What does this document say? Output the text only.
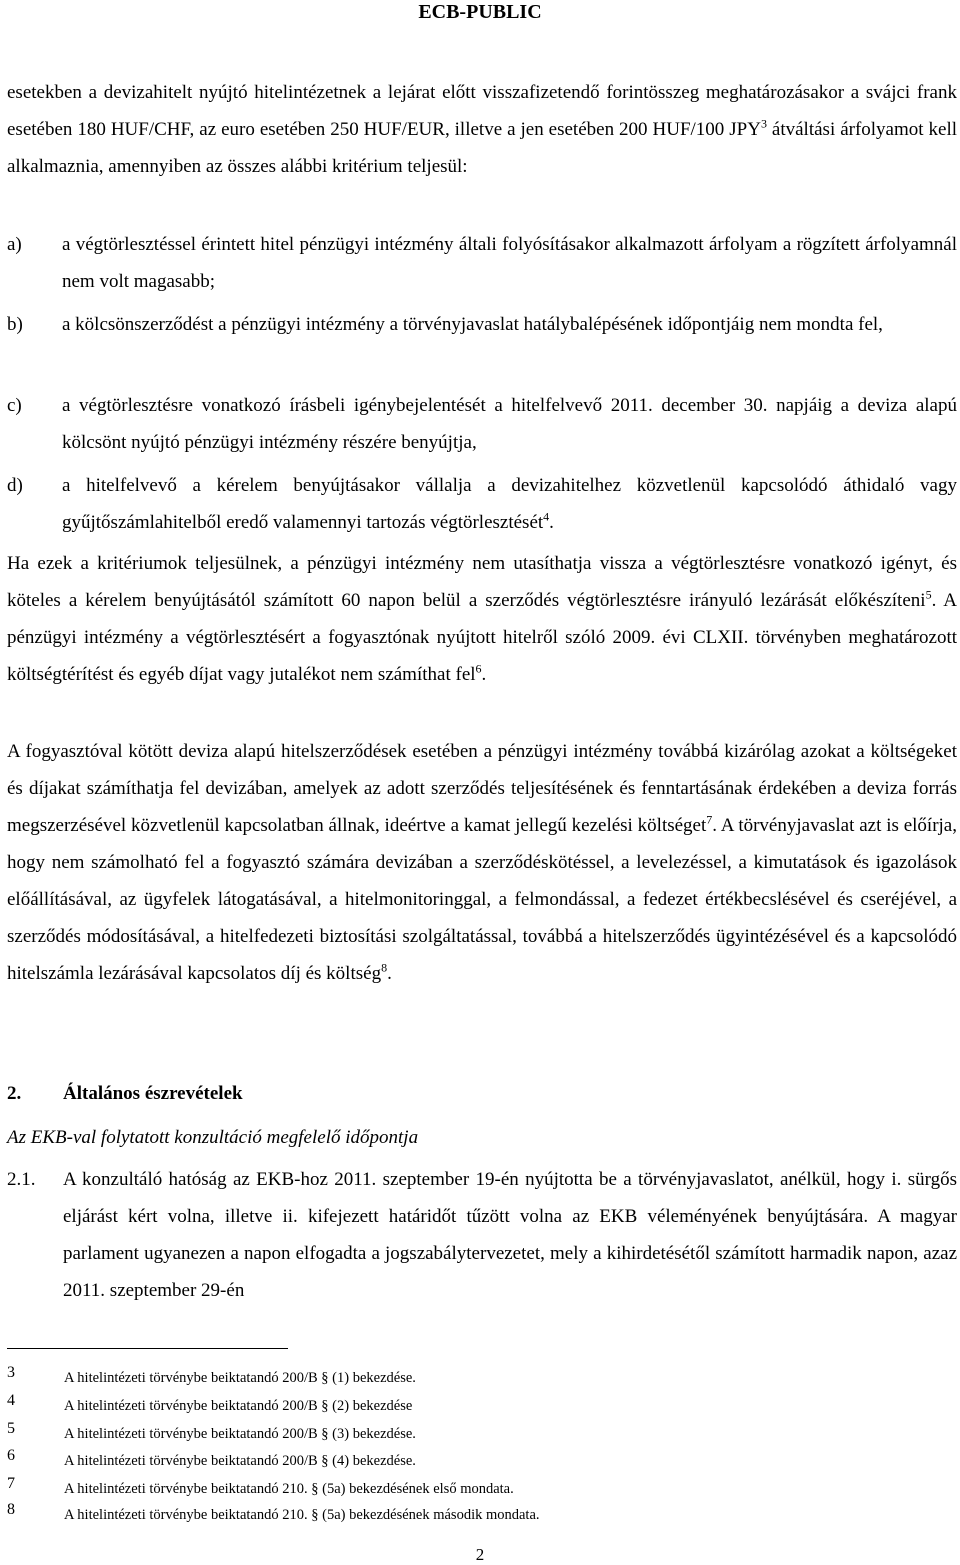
ECB-PUBLIC
esetekben a devizahitelt nyújtó hitelintézetnek a lejárat előtt visszafizetendő forintösszeg meghatározásakor a svájci frank esetében 180 HUF/CHF, az euro esetében 250 HUF/EUR, illetve a jen esetében 200 HUF/100 JPY$^3$ átváltási árfolyamot kell alkalmaznia, amennyiben az összes alábbi kritérium teljesül:
a) a végtörlesztéssel érintett hitel pénzügyi intézmény általi folyósításakor alkalmazott árfolyam a rögzített árfolyamnál nem volt magasabb;
b) a kölcsönszerződést a pénzügyi intézmény a törvényjavaslat hatálybalépésének időpontjáig nem mondta fel,
c) a végtörlesztésre vonatkozó írásbeli igénybejelentését a hitelfelvevő 2011. december 30. napjáig a deviza alapú kölcsönt nyújtó pénzügyi intézmény részére benyújtja,
d) a hitelfelvevő a kérelem benyújtásakor vállalja a devizahitelhez közvetlenül kapcsolódó áthidaló vagy gyűjtőszámlahitelből eredő valamennyi tartozás végtörlesztését$^4$.
Ha ezek a kritériumok teljesülnek, a pénzügyi intézmény nem utasíthatja vissza a végtörlesztésre vonatkozó igényt, és köteles a kérelem benyújtásától számított 60 napon belül a szerződés végtörlesztésre irányuló lezárását előkészíteni$^5$. A pénzügyi intézmény a végtörlesztésért a fogyasztónak nyújtott hitelről szóló 2009. évi CLXII. törvényben meghatározott költségtérítést és egyéb díjat vagy jutalékot nem számíthat fel$^6$.
A fogyasztóval kötött deviza alapú hitelszerződések esetében a pénzügyi intézmény továbbá kizárólag azokat a költségeket és díjakat számíthatja fel devizában, amelyek az adott szerződés teljesítésének és fenntartásának érdekében a deviza forrás megszerzésével közvetlenül kapcsolatban állnak, ideértve a kamat jellegű kezelési költséget$^7$. A törvényjavaslat azt is előírja, hogy nem számolható fel a fogyasztó számára devizában a szerződéskötéssel, a levelezéssel, a kimutatások és igazolások előállításával, az ügyfelek látogatásával, a hitelmonitoringgal, a felmondással, a fedezet értékbecslésével és cseréjével, a szerződés módosításával, a hitelfedezeti biztosítási szolgáltatással, továbbá a hitelszerződés ügyintézésével és a kapcsolódó hitelszámla lezárásával kapcsolatos díj és költség$^8$.
2. Általános észrevételek
Az EKB-val folytatott konzultáció megfelelő időpontja
2.1. A konzultáló hatóság az EKB-hoz 2011. szeptember 19-én nyújtotta be a törvényjavaslatot, anélkül, hogy i. sürgős eljárást kért volna, illetve ii. kifejezett határidőt tűzött volna az EKB véleményének benyújtására. A magyar parlament ugyanezen a napon elfogadta a jogszabálytervezetet, mely a kihirdetésétől számított harmadik napon, azaz 2011. szeptember 29-én
3	A hitelintézeti törvénybe beiktatandó 200/B § (1) bekezdése.
4	A hitelintézeti törvénybe beiktatandó 200/B § (2) bekezdése
5	A hitelintézeti törvénybe beiktatandó 200/B § (3) bekezdése.
6	A hitelintézeti törvénybe beiktatandó 200/B § (4) bekezdése.
7	A hitelintézeti törvénybe beiktatandó 210. § (5a) bekezdésének első mondata.
8	A hitelintézeti törvénybe beiktatandó 210. § (5a) bekezdésének második mondata.
2
